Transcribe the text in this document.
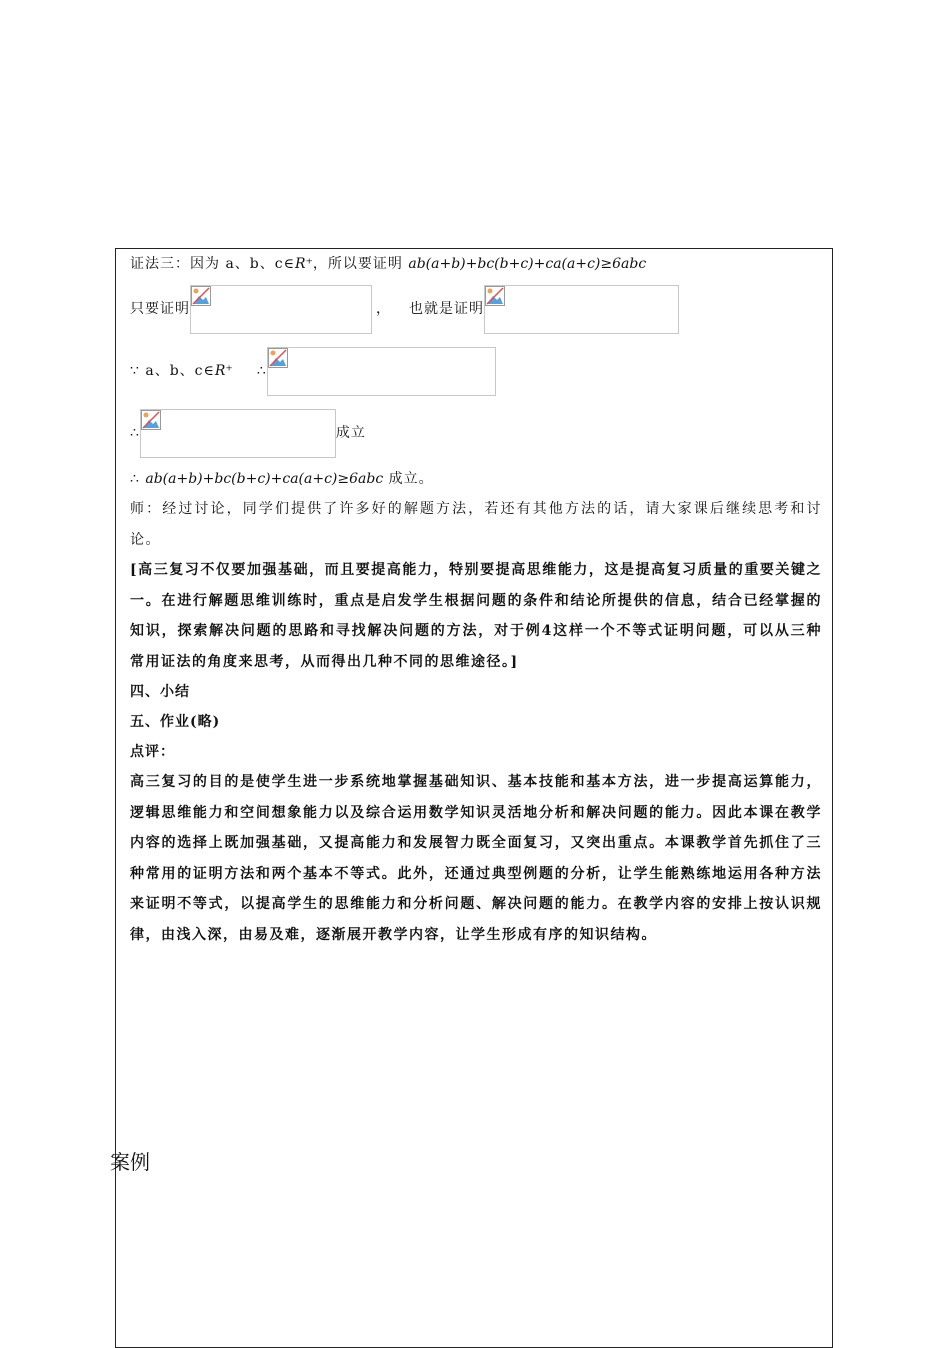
证法三：因为 a、b、c∈R⁺，所以要证明 ab(a+b)+bc(b+c)+ca(a+c)≥6abc
只要证明	， 也就是证明
∵ a、b、c∈ R⁺ ∴
∴	成立
∴ ab(a+b)+bc(b+c)+ca(a+c)≥6abc 成立。

师：经过讨论，同学们提供了许多好的解题方法，若还有其他方法的话，请大家课后继续思考和讨论。

[高三复习不仅要加强基础，而且要提高能力，特别要提高思维能力，这是提高复习质量的重要关键之一。在进行解题思维训练时，重点是启发学生根据问题的条件和结论所提供的信息，结合已经掌握的知识，探索解决问题的思路和寻找解决问题的方法，对于例4这样一个不等式证明问题，可以从三种常用证法的角度来思考，从而得出几种不同的思维途径。]

四、小结
五、作业(略)
点评：

高三复习的目的是使学生进一步系统地掌握基础知识、基本技能和基本方法，进一步提高运算能力，逻辑思维能力和空间想象能力以及综合运用数学知识灵活地分析和解决问题的能力。因此本课在教学内容的选择上既加强基础，又提高能力和发展智力既全面复习，又突出重点。本课教学首先抓住了三种常用的证明方法和两个基本不等式。此外，还通过典型例题的分析，让学生能熟练地运用各种方法来证明不等式，以提高学生的思维能力和分析问题、解决问题的能力。在教学内容的安排上按认识规律，由浅入深，由易及难，逐渐展开教学内容，让学生形成有序的知识结构。

案例
